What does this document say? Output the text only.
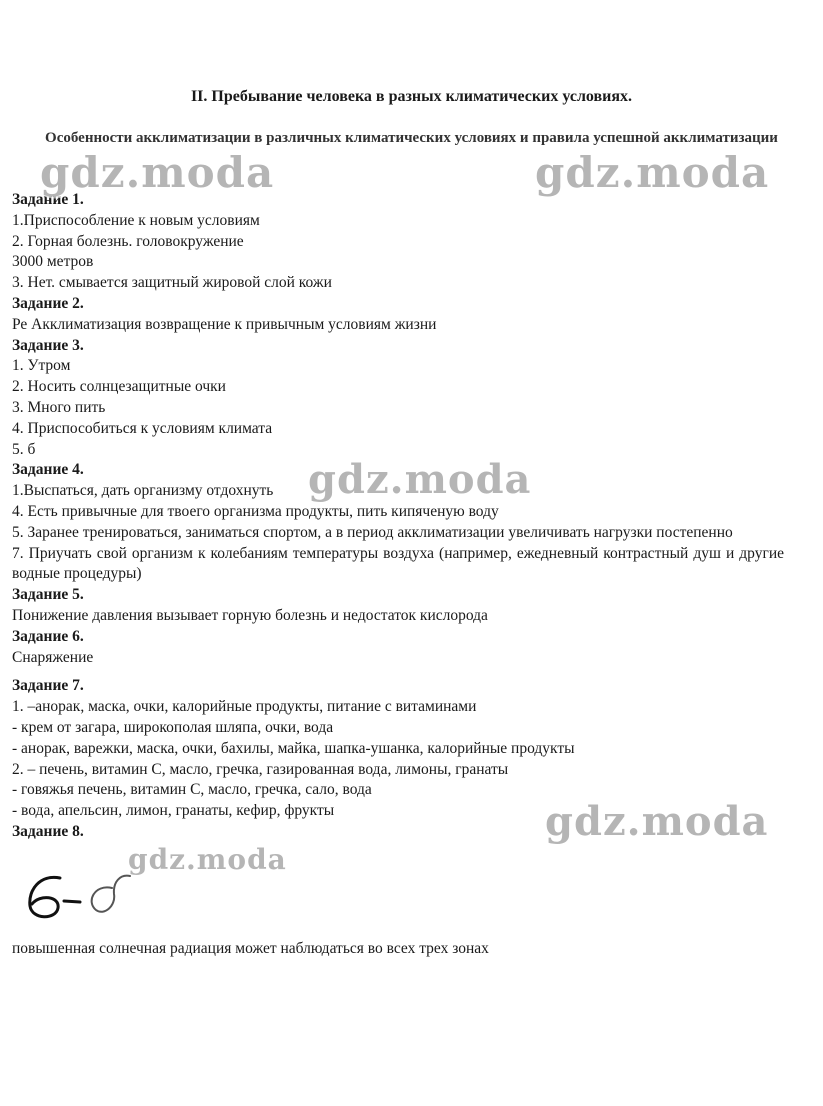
II. Пребывание человека в разных климатических условиях.
Особенности акклиматизации в различных климатических условиях и правила успешной акклиматизации

Задание 1.

1.Приспособление к новым условиям

2. Горная болезнь. головокружение

3000 метров

3. Нет. смывается защитный жировой слой кожи

Задание 2.

Ре Акклиматизация возвращение к привычным условиям жизни

Задание 3.

1. Утром

2. Носить солнцезащитные очки

3. Много пить

4. Приспособиться к условиям климата

5. б

Задание 4.

1.Выспаться, дать организму отдохнуть

4. Есть привычные для твоего организма продукты, пить кипяченую воду

5. Заранее тренироваться, заниматься спортом, а в период акклиматизации увеличивать нагрузки постепенно

7. Приучать свой организм к колебаниям температуры воздуха (например, ежедневный контрастный душ и другие водные процедуры)

Задание 5.

Понижение давления вызывает горную болезнь и недостаток кислорода

Задание 6.

Снаряжение

Задание 7.

1. –анорак, маска, очки, калорийные продукты, питание с витаминами

- крем от загара, широкополая шляпа, очки, вода

- анорак, варежки, маска, очки, бахилы, майка, шапка-ушанка, калорийные продукты

2. – печень, витамин С, масло, гречка, газированная вода, лимоны, гранаты

- говяжья печень, витамин С, масло, гречка, сало, вода

- вода, апельсин, лимон, гранаты, кефир, фрукты

Задание 8.

повышенная солнечная радиация может наблюдаться во всех трех зонах
gdz.moda	gdz.moda
gdz.moda
gdz.moda
gdz.moda
